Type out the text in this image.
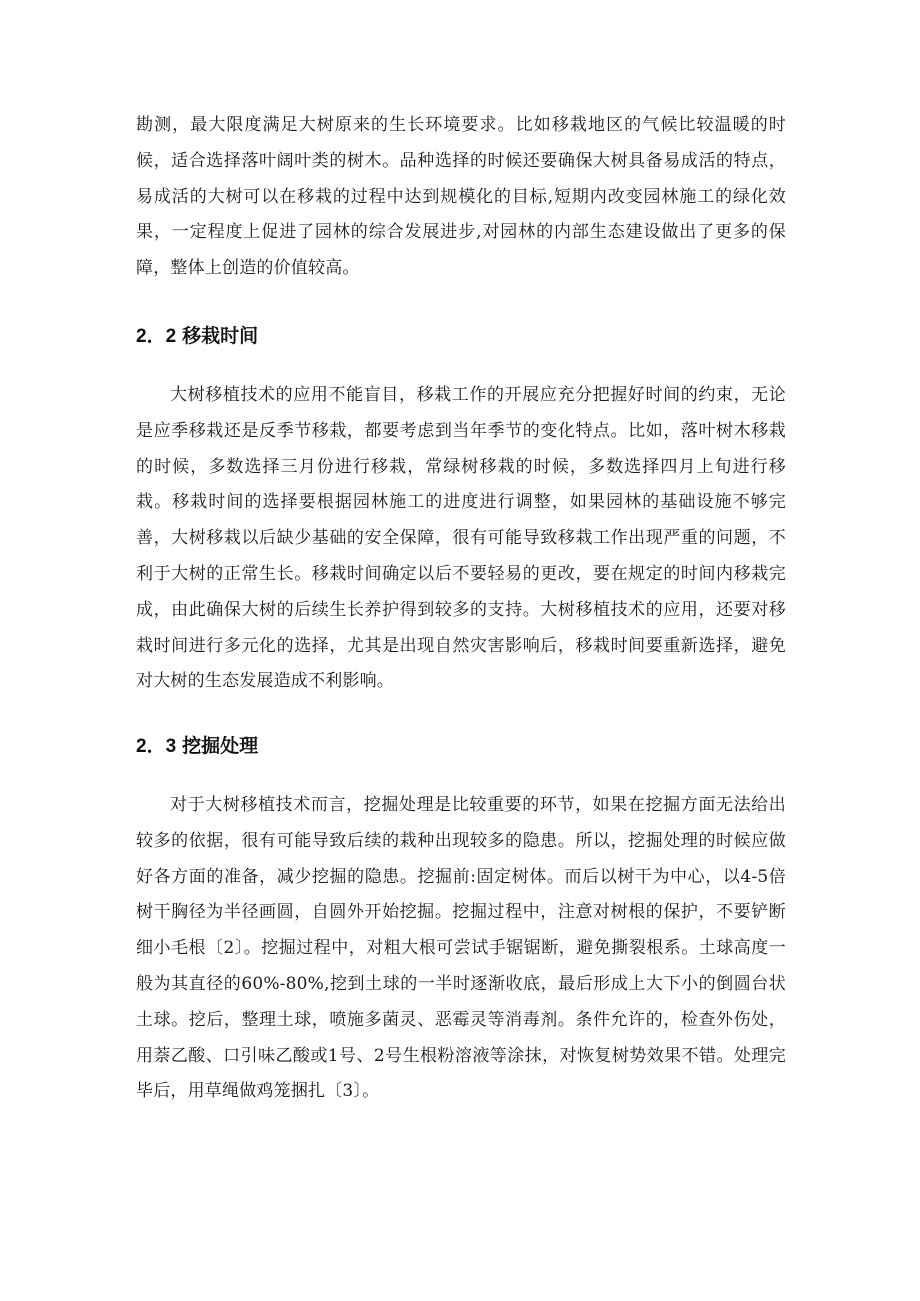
勘测，最大限度满足大树原来的生长环境要求。比如移栽地区的气候比较温暖的时候，适合选择落叶阔叶类的树木。品种选择的时候还要确保大树具备易成活的特点，易成活的大树可以在移栽的过程中达到规模化的目标,短期内改变园林施工的绿化效果，一定程度上促进了园林的综合发展进步,对园林的内部生态建设做出了更多的保障，整体上创造的价值较高。

2．2 移栽时间

大树移植技术的应用不能盲目，移栽工作的开展应充分把握好时间的约束，无论是应季移栽还是反季节移栽，都要考虑到当年季节的变化特点。比如，落叶树木移栽的时候，多数选择三月份进行移栽，常绿树移栽的时候，多数选择四月上旬进行移栽。移栽时间的选择要根据园林施工的进度进行调整，如果园林的基础设施不够完善，大树移栽以后缺少基础的安全保障，很有可能导致移栽工作出现严重的问题，不利于大树的正常生长。移栽时间确定以后不要轻易的更改，要在规定的时间内移栽完成，由此确保大树的后续生长养护得到较多的支持。大树移植技术的应用，还要对移栽时间进行多元化的选择，尤其是出现自然灾害影响后，移栽时间要重新选择，避免对大树的生态发展造成不利影响。

2．3 挖掘处理

对于大树移植技术而言，挖掘处理是比较重要的环节，如果在挖掘方面无法给出较多的依据，很有可能导致后续的栽种出现较多的隐患。所以，挖掘处理的时候应做好各方面的准备，减少挖掘的隐患。挖掘前:固定树体。而后以树干为中心，以4-5倍树干胸径为半径画圆，自圆外开始挖掘。挖掘过程中，注意对树根的保护，不要铲断细小毛根〔2〕。挖掘过程中，对粗大根可尝试手锯锯断，避免撕裂根系。土球高度一般为其直径的60%-80%,挖到土球的一半时逐渐收底，最后形成上大下小的倒圆台状土球。挖后，整理土球，喷施多菌灵、恶霉灵等消毒剂。条件允许的，检查外伤处，用萘乙酸、口引味乙酸或1号、2号生根粉溶液等涂抹，对恢复树势效果不错。处理完毕后，用草绳做鸡笼捆扎〔3〕。
